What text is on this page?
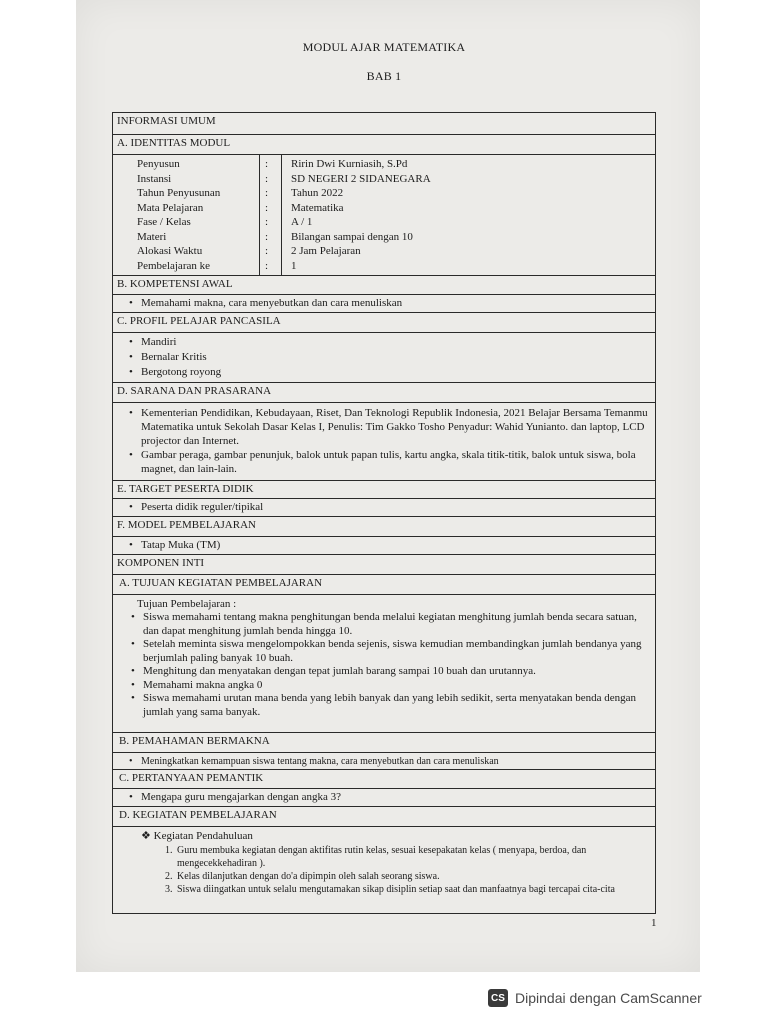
MODUL AJAR MATEMATIKA
BAB 1
INFORMASI UMUM
A. IDENTITAS MODUL
Penyusun	: Ririn Dwi Kurniasih, S.Pd
Instansi	: SD NEGERI 2 SIDANEGARA
Tahun Penyusunan	: Tahun 2022
Mata Pelajaran	: Matematika
Fase / Kelas	: A / 1
Materi	: Bilangan sampai dengan 10
Alokasi Waktu	: 2 Jam Pelajaran
Pembelajaran ke	: 1
B. KOMPETENSI AWAL
• Memahami makna, cara menyebutkan dan cara menuliskan
C. PROFIL PELAJAR PANCASILA
• Mandiri
• Bernalar Kritis
• Bergotong royong
D. SARANA DAN PRASARANA
• Kementerian Pendidikan, Kebudayaan, Riset, Dan Teknologi Republik Indonesia, 2021 Belajar Bersama Temanmu Matematika untuk Sekolah Dasar Kelas I, Penulis: Tim Gakko Tosho Penyadur: Wahid Yunianto. dan laptop, LCD projector dan Internet.
• Gambar peraga, gambar penunjuk, balok untuk papan tulis, kartu angka, skala titik-titik, balok untuk siswa, bola magnet, dan lain-lain.
E. TARGET PESERTA DIDIK
• Peserta didik reguler/tipikal
F. MODEL PEMBELAJARAN
• Tatap Muka (TM)
KOMPONEN INTI
A. TUJUAN KEGIATAN PEMBELAJARAN
Tujuan Pembelajaran :
• Siswa memahami tentang makna penghitungan benda melalui kegiatan menghitung jumlah benda secara satuan, dan dapat menghitung jumlah benda hingga 10.
• Setelah meminta siswa mengelompokkan benda sejenis, siswa kemudian membandingkan jumlah bendanya yang berjumlah paling banyak 10 buah.
• Menghitung dan menyatakan dengan tepat jumlah barang sampai 10 buah dan urutannya.
• Memahami makna angka 0
• Siswa memahami urutan mana benda yang lebih banyak dan yang lebih sedikit, serta menyatakan benda dengan jumlah yang sama banyak.
B. PEMAHAMAN BERMAKNA
• Meningkatkan kemampuan siswa tentang makna, cara menyebutkan dan cara menuliskan
C. PERTANYAAN PEMANTIK
• Mengapa guru mengajarkan dengan angka 3?
D. KEGIATAN PEMBELAJARAN
❖ Kegiatan Pendahuluan
1. Guru membuka kegiatan dengan aktifitas rutin kelas, sesuai kesepakatan kelas ( menyapa, berdoa, dan mengecekkehadiran ).
2. Kelas dilanjutkan dengan do'a dipimpin oleh salah seorang siswa.
3. Siswa diingatkan untuk selalu mengutamakan sikap disiplin setiap saat dan manfaatnya bagi tercapai cita-cita
1
CS Dipindai dengan CamScanner
